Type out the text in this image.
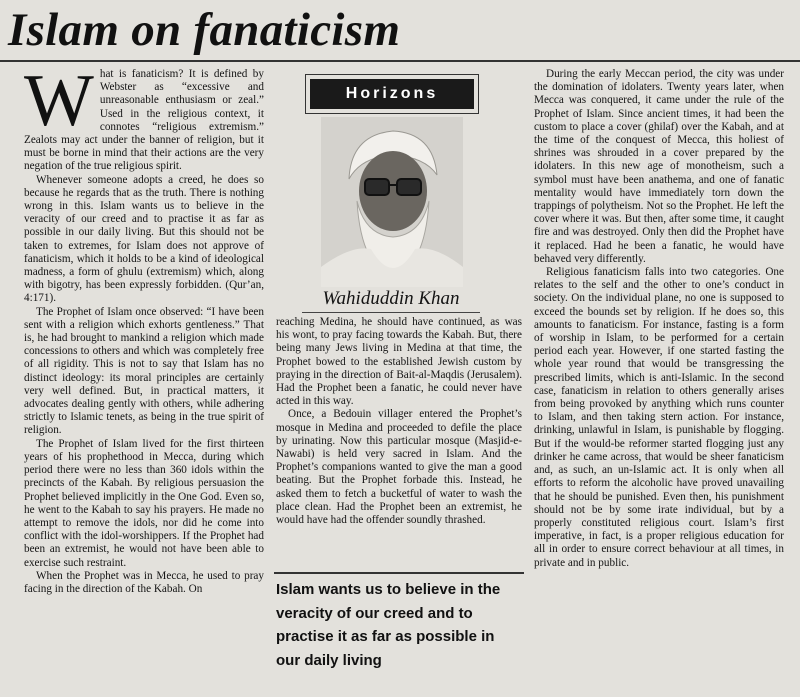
Islam on fanaticism

What is fanaticism? It is defined by Webster as “excessive and unreasonable enthusiasm or zeal.” Used in the religious context, it connotes “religious extremism.” Zealots may act under the banner of religion, but it must be borne in mind that their actions are the very negation of the true religious spirit.

Whenever someone adopts a creed, he does so because he regards that as the truth. There is nothing wrong in this. Islam wants us to believe in the veracity of our creed and to practise it as far as possible in our daily living. But this should not be taken to extremes, for Islam does not approve of fanaticism, which it holds to be a kind of ideological madness, a form of ghulu (extremism) which, along with bigotry, has been expressly forbidden. (Qur’an, 4:171).

The Prophet of Islam once observed: “I have been sent with a religion which exhorts gentleness.” That is, he had brought to mankind a religion which made concessions to others and which was completely free of all rigidity. This is not to say that Islam has no distinct ideology: its moral principles are certainly very well defined. But, in practical matters, it advocates dealing gently with others, while adhering strictly to Islamic tenets, as being in the true spirit of religion.

The Prophet of Islam lived for the first thirteen years of his prophethood in Mecca, during which period there were no less than 360 idols within the precincts of the Kabah. By religious persuasion the Prophet believed implicitly in the One God. Even so, he went to the Kabah to say his prayers. He made no attempt to remove the idols, nor did he come into conflict with the idol-worshippers. If the Prophet had been an extremist, he would not have been able to exercise such restraint.

When the Prophet was in Mecca, he used to pray facing in the direction of the Kabah. On

Horizons
Wahiduddin Khan

reaching Medina, he should have continued, as was his wont, to pray facing towards the Kabah. But, there being many Jews living in Medina at that time, the Prophet bowed to the established Jewish custom by praying in the direction of Bait-al-Maqdis (Jerusalem). Had the Prophet been a fanatic, he could never have acted in this way.

Once, a Bedouin villager entered the Prophet’s mosque in Medina and proceeded to defile the place by urinating. Now this particular mosque (Masjid-e-Nawabi) is held very sacred in Islam. And the Prophet’s companions wanted to give the man a good beating. But the Prophet forbade this. Instead, he asked them to fetch a bucketful of water to wash the place clean. Had the Prophet been an extremist, he would have had the offender soundly thrashed.

Islam wants us to believe in the veracity of our creed and to practise it as far as possible in our daily living

During the early Meccan period, the city was under the domination of idolaters. Twenty years later, when Mecca was conquered, it came under the rule of the Prophet of Islam. Since ancient times, it had been the custom to place a cover (ghilaf) over the Kabah, and at the time of the conquest of Mecca, this holiest of shrines was shrouded in a cover prepared by the idolaters. In this new age of monotheism, such a symbol must have been anathema, and one of fanatic mentality would have immediately torn down the trappings of polytheism. Not so the Prophet. He left the cover where it was. But then, after some time, it caught fire and was destroyed. Only then did the Prophet have it replaced. Had he been a fanatic, he would have behaved very differently.

Religious fanaticism falls into two categories. One relates to the self and the other to one’s conduct in society. On the individual plane, no one is supposed to exceed the bounds set by religion. If he does so, this amounts to fanaticism. For instance, fasting is a form of worship in Islam, to be performed for a certain period each year. However, if one started fasting the whole year round that would be transgressing the prescribed limits, which is anti-Islamic. In the second case, fanaticism in relation to others generally arises from being provoked by anything which runs counter to Islam, and then taking stern action. For instance, drinking, unlawful in Islam, is punishable by flogging. But if the would-be reformer started flogging just any drinker he came across, that would be sheer fanaticism and, as such, an un-Islamic act. It is only when all efforts to reform the alcoholic have proved unavailing that he should be punished. Even then, his punishment should not be by some irate individual, but by a properly constituted religious court. Islam’s first imperative, in fact, is a proper religious education for all in order to ensure correct behaviour at all times, in private and in public.
